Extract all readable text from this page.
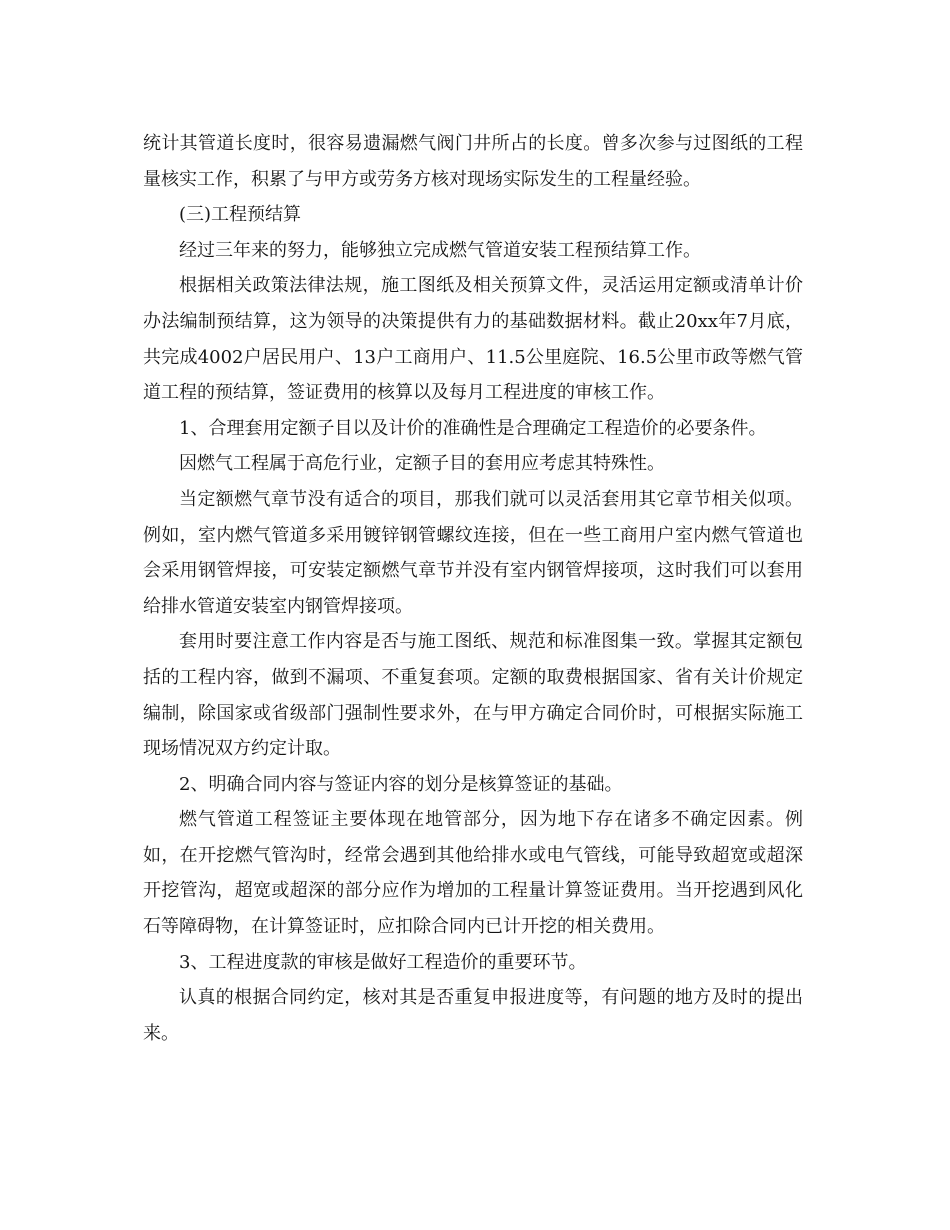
统计其管道长度时，很容易遗漏燃气阀门井所占的长度。曾多次参与过图纸的工程量核实工作，积累了与甲方或劳务方核对现场实际发生的工程量经验。

(三)工程预结算

经过三年来的努力，能够独立完成燃气管道安装工程预结算工作。

根据相关政策法律法规，施工图纸及相关预算文件，灵活运用定额或清单计价办法编制预结算，这为领导的决策提供有力的基础数据材料。截止20xx年7月底，共完成4002户居民用户、13户工商用户、11.5公里庭院、16.5公里市政等燃气管道工程的预结算，签证费用的核算以及每月工程进度的审核工作。

1、合理套用定额子目以及计价的准确性是合理确定工程造价的必要条件。

因燃气工程属于高危行业，定额子目的套用应考虑其特殊性。

当定额燃气章节没有适合的项目，那我们就可以灵活套用其它章节相关似项。例如，室内燃气管道多采用镀锌钢管螺纹连接，但在一些工商用户室内燃气管道也会采用钢管焊接，可安装定额燃气章节并没有室内钢管焊接项，这时我们可以套用给排水管道安装室内钢管焊接项。

套用时要注意工作内容是否与施工图纸、规范和标准图集一致。掌握其定额包括的工程内容，做到不漏项、不重复套项。定额的取费根据国家、省有关计价规定编制，除国家或省级部门强制性要求外，在与甲方确定合同价时，可根据实际施工现场情况双方约定计取。

2、明确合同内容与签证内容的划分是核算签证的基础。

燃气管道工程签证主要体现在地管部分，因为地下存在诸多不确定因素。例如，在开挖燃气管沟时，经常会遇到其他给排水或电气管线，可能导致超宽或超深开挖管沟，超宽或超深的部分应作为增加的工程量计算签证费用。当开挖遇到风化石等障碍物，在计算签证时，应扣除合同内已计开挖的相关费用。

3、工程进度款的审核是做好工程造价的重要环节。

认真的根据合同约定，核对其是否重复申报进度等，有问题的地方及时的提出来。
